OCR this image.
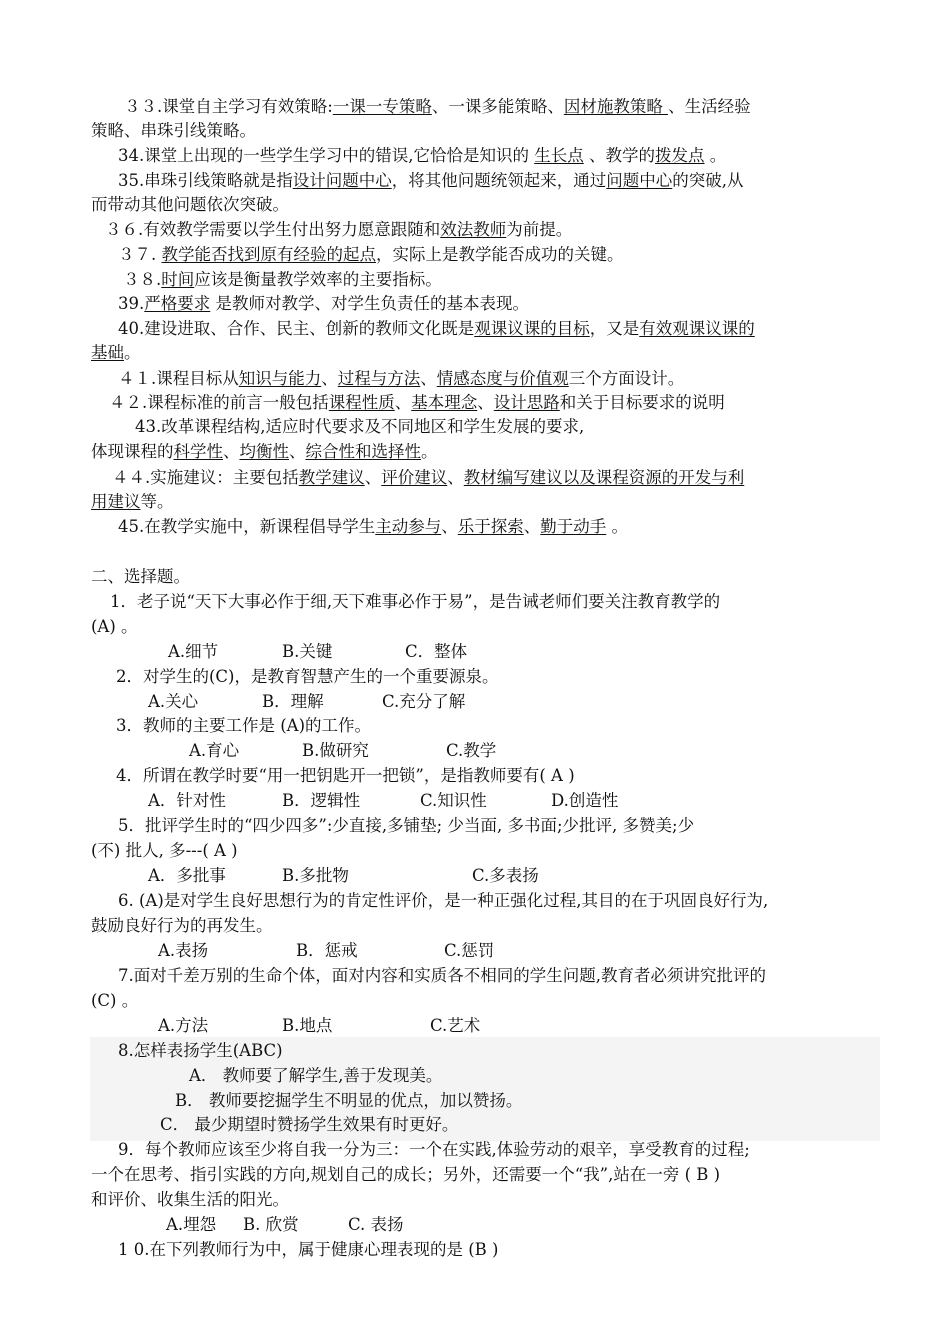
３３.课堂自主学习有效策略:一课一专策略、一课多能策略、因材施教策略 、生活经验
策略、串珠引线策略。
34.课堂上出现的一些学生学习中的错误,它恰恰是知识的 生长点 、教学的拨发点 。
35.串珠引线策略就是指设计问题中心，将其他问题统领起来，通过问题中心的突破,从
而带动其他问题依次突破。
３６.有效教学需要以学生付出努力愿意跟随和效法教师为前提。
３７. 教学能否找到原有经验的起点，实际上是教学能否成功的关键。
３８.时间应该是衡量教学效率的主要指标。
39.严格要求 是教师对教学、对学生负责任的基本表现。
40.建设进取、合作、民主、创新的教师文化既是观课议课的目标，又是有效观课议课的
基础。
４１.课程目标从知识与能力、过程与方法、情感态度与价值观三个方面设计。
４２.课程标准的前言一般包括课程性质、基本理念、设计思路和关于目标要求的说明
43.改革课程结构,适应时代要求及不同地区和学生发展的要求,
体现课程的科学性、均衡性、综合性和选择性。
４４.实施建议：主要包括教学建议、评价建议、教材编写建议以及课程资源的开发与利
用建议等。
45.在教学实施中，新课程倡导学生主动参与、乐于探索、勤于动手 。
二、选择题。
1．老子说“天下大事必作于细,天下难事必作于易”，是告诫老师们要关注教育教学的
(A) 。
A.细节	B.关键	C．整体
2．对学生的(C)，是教育智慧产生的一个重要源泉。
A.关心	B．理解	C.充分了解
3．教师的主要工作是 (A)的工作。
A.育心	B.做研究	C.教学
4．所谓在教学时要“用一把钥匙开一把锁”，是指教师要有( A )
A．针对性	B．逻辑性	C.知识性	D.创造性
5．批评学生时的“四少四多”:少直接,多铺垫; 少当面, 多书面;少批评, 多赞美;少
(不) 批人, 多---( A )
A．多批事	B.多批物	C.多表扬
6. (A)是对学生良好思想行为的肯定性评价，是一种正强化过程,其目的在于巩固良好行为,
鼓励良好行为的再发生。
A.表扬	B．惩戒	C.惩罚
7.面对千差万别的生命个体，面对内容和实质各不相同的学生问题,教育者必须讲究批评的
(C) 。
A.方法	B.地点	C.艺术
8.怎样表扬学生(ABC)
A． 教师要了解学生,善于发现美。
B． 教师要挖掘学生不明显的优点，加以赞扬。
C． 最少期望时赞扬学生效果有时更好。
9．每个教师应该至少将自我一分为三：一个在实践,体验劳动的艰辛，享受教育的过程;
一个在思考、指引实践的方向,规划自己的成长；另外，还需要一个“我”,站在一旁 ( B )
和评价、收集生活的阳光。
A.埋怨 B. 欣赏	C. 表扬
1 0.在下列教师行为中，属于健康心理表现的是 (B )
